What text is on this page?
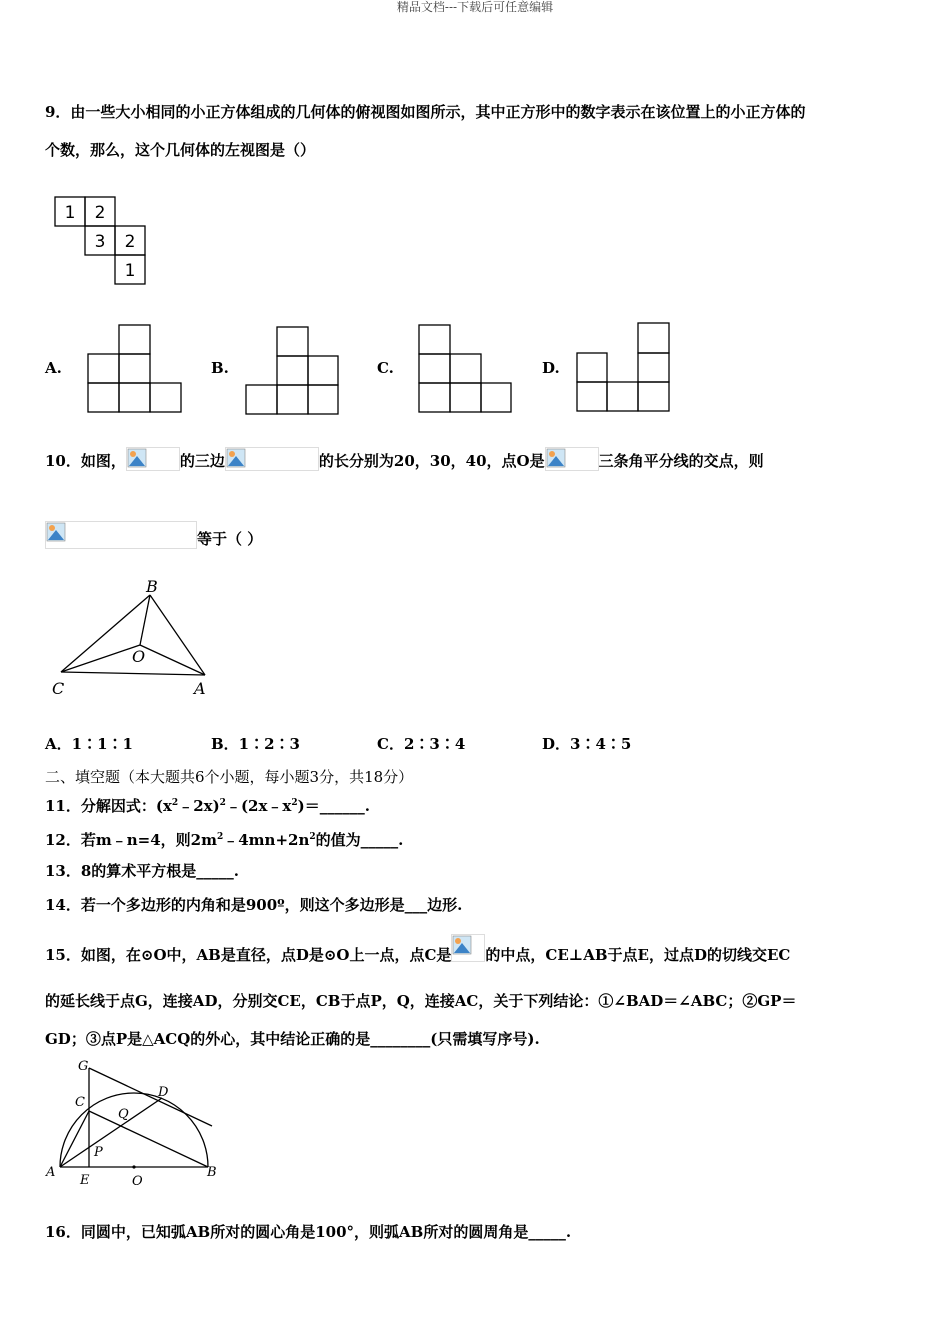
精品文档---下载后可任意编辑
9．由一些大小相同的小正方体组成的几何体的俯视图如图所示，其中正方形中的数字表示在该位置上的小正方体的
个数，那么，这个几何体的左视图是（）
1 2
3 2
1
A.	B.	C.	D.
10．如图，	的三边	的长分别为20，30，40，点O是	三条角平分线的交点，则
等于（ ）
B
O
C	A
A．1∶1∶1	B．1∶2∶3	C．2∶3∶4	D．3∶4∶5
二、填空题（本大题共6个小题，每小题3分，共18分）
11．分解因式：$(x^2﹣2x)^2﹣(2x﹣x^2)=\_\_\_\_\_\_$.
12．若m﹣n=4，则$2m^2﹣4mn+2n^2$的值为_____.
13．8的算术平方根是_____.
14．若一个多边形的内角和是900º，则这个多边形是___边形.
15．如图，在⊙O中，AB是直径，点D是⊙O上一点，点C是 的中点，CE⊥AB于点E，过点D的切线交EC
的延长线于点G，连接AD，分别交CE，CB于点P，Q，连接AC，关于下列结论：①∠BAD＝∠ABC；②GP＝
GD；③点P是△ACQ的外心，其中结论正确的是________(只需填写序号).
G
D
C
Q
P
A
E	O
B
16．同圆中，已知弧AB所对的圆心角是100°，则弧AB所对的圆周角是_____.
